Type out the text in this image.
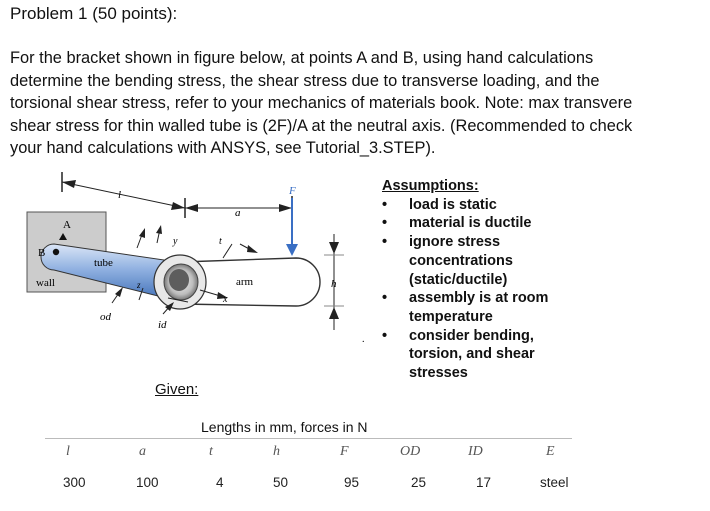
Problem 1 (50 points):
For the bracket shown in figure below, at points A and B, using hand calculations
determine the bending stress, the shear stress due to transverse loading, and the
torsional shear stress, refer to your mechanics of materials book. Note: max transvere
shear stress for thin walled tube is (2F)/A at the neutral axis. (Recommended to check
your hand calculations with ANSYS, see Tutorial_3.STEP).
l
a
F
A
B
wall
tube
y	t
z	arm	h
x
od
id
.
Assumptions:
• load is static
• material is ductile
• ignore stress
concentrations
(static/ductile)
• assembly is at room
temperature
• consider bending,
torsion, and shear
stresses
Given:
Lengths in mm, forces in N
l	a	t	h	F	OD	ID	E
300	100	4	50	95	25	17	steel
